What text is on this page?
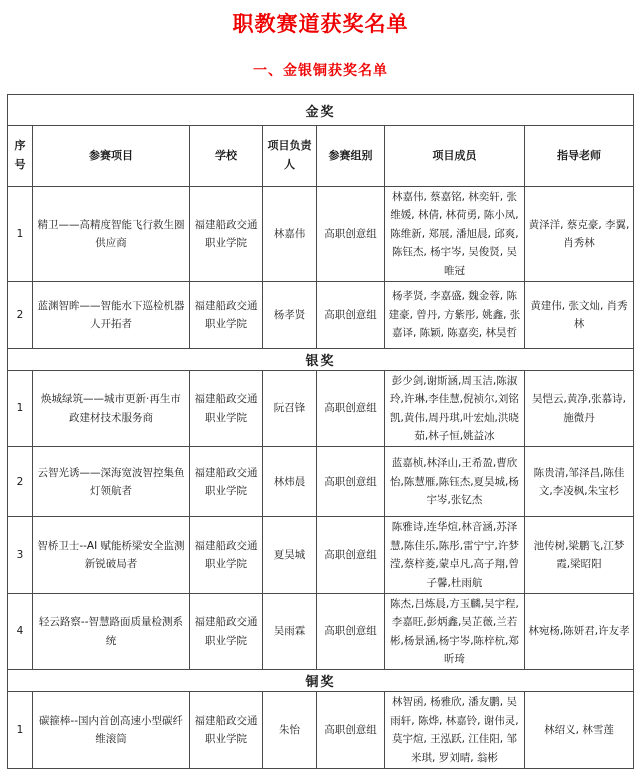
职教赛道获奖名单
一、金银铜获奖名单
金奖						
序号	参赛项目	学校	项目负责人	参赛组别	项目成员	指导老师
1	精卫——高精度智能飞行救生圈供应商	福建船政交通职业学院	林嘉伟	高职创意组	林嘉伟, 蔡嘉铭, 林奕轩, 张维媛, 林倩, 林荷勇, 陈小凤, 陈维新, 郑展, 潘旭晨, 邱爽, 陈钰杰, 杨宇岑, 吴俊贤, 吴唯冠	黄泽洋, 蔡克豪, 李翼, 肖秀林
2	蓝渊智眸——智能水下巡检机器人开拓者	福建船政交通职业学院	杨孝贤	高职创意组	杨孝贤, 李嘉盛, 魏金蓉, 陈建豪, 曾丹, 方紫彤, 姚鑫, 张嘉译, 陈颖, 陈嘉奕, 林昊哲	黄建伟, 张文灿, 肖秀林
银奖						
1	焕城绿筑——城市更新·再生市政建材技术服务商	福建船政交通职业学院	阮召锋	高职创意组	彭少剑,谢斯涵,周玉洁,陈淑玲,许琳,李佳慧,倪祯尔,刘铭凯,黄伟,周丹琪,叶宏灿,洪晓茹,林子恒,姚益冰	吴恺云,黄净,张慕诗,施微丹
2	云智光诱——深海宽波智控集鱼灯领航者	福建船政交通职业学院	林炜晨	高职创意组	蓝嘉桢,林泽山,王希盈,曹欣怡,陈慧雁,陈钰杰,夏昊城,杨宇岑,张钇杰	陈贵清,邹泽昌,陈佳文,李凌枫,朱宝杉
3	智桥卫士--AI 赋能桥梁安全监测新锐破局者	福建船政交通职业学院	夏昊城	高职创意组	陈雅诗,连华煊,林音涵,苏泽慧,陈佳乐,陈彤,雷宁宁,许梦滢,蔡梓菱,蒙卓凡,高子翔,曾子馨,杜雨航	池传树,梁鹏飞,江梦霞,梁昭阳
4	轻云路察--智慧路面质量检测系统	福建船政交通职业学院	吴雨霖	高职创意组	陈杰,吕炼晨,方玉麟,吴宇程,李嘉旺,彭炳鑫,吴芷薇,兰若彬,杨景涵,杨宇岑,陈梓杭,郑昕琦	林宛杨,陈妍君,许友孝
铜奖						
1	碳箍棒--国内首创高速小型碳纤维滚筒	福建船政交通职业学院	朱怡	高职创意组	林智函, 杨雅欣, 潘友鹏, 吴雨轩, 陈烨, 林嘉铃, 谢伟灵, 莫宇煊, 王泓跃, 江佳阳, 邹米琪, 罗刘晴, 翁彬	林绍义, 林雪莲
